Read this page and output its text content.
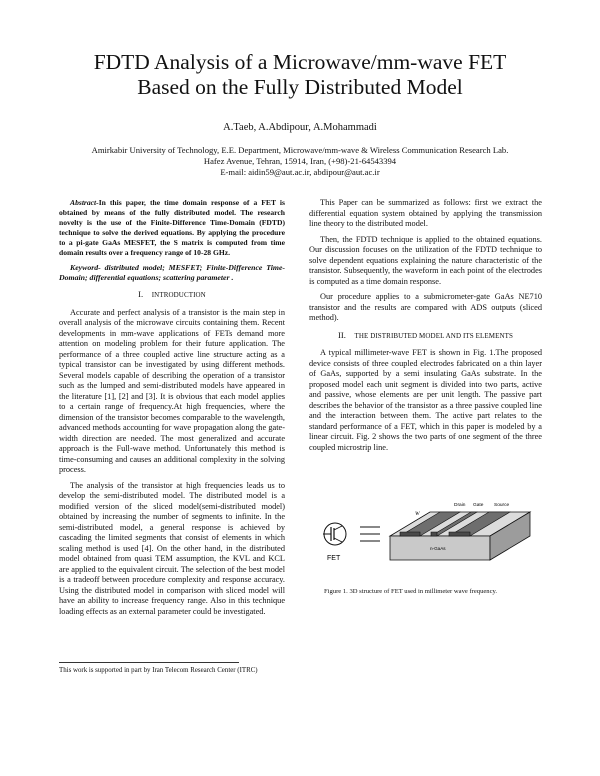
FDTD Analysis of a Microwave/mm-wave FET
Based on the Fully Distributed Model
A.Taeb, A.Abdipour, A.Mohammadi
Amirkabir University of Technology, E.E. Department, Microwave/mm-wave & Wireless Communication Research Lab.
Hafez Avenue, Tehran, 15914, Iran, (+98)-21-64543394
E-mail: aidin59@aut.ac.ir, abdipour@aut.ac.ir

Abstract-In this paper, the time domain response of a FET is obtained by means of the fully distributed model. The research novelty is the use of the Finite-Difference Time-Domain (FDTD) technique to solve the derived equations. By applying the procedure to a pi-gate GaAs MESFET, the S matrix is computed from time domain results over a frequency range of 10-28 GHz.

Keyword- distributed model; MESFET; Finite-Difference Time-Domain; differential equations; scattering parameter .

I. INTRODUCTION

Accurate and perfect analysis of a transistor is the main step in overall analysis of the microwave circuits containing them. Recent developments in mm-wave applications of FETs demand more attention on modeling problem for their future application. The performance of a three coupled active line structure acting as a typical transistor can be investigated by using different methods. Several models capable of describing the operation of a transistor such as the lumped and semi-distributed models have appeared in the literature [1], [2] and [3]. It is obvious that each model applies to a certain range of frequency.At high frequencies, where the dimension of the transistor becomes comparable to the wavelength, advanced methods accounting for wave propagation along the gate-width direction are needed. The most generalized and accurate approach is the Full-wave method. Unfortunately this method is time-consuming and causes an additional complexity in the solving process.

The analysis of the transistor at high frequencies leads us to develop the semi-distributed model. The distributed model is a modified version of the sliced model(semi-distributed model) obtained by increasing the number of segments to infinite. In the semi-distributed model, a general response is achieved by cascading the limited segments that consist of elements in which scaling method is used [4]. On the other hand, in the distributed model obtained from quasi TEM assumption, the KVL and KCL are applied to the equivalent circuit. The selection of the best model is a tradeoff between procedure complexity and response accuracy. Using the distributed model in comparison with sliced model will have an ability to increase frequency range. Also in this technique loading effects as an external parameter could be investigated.

This Paper can be summarized as follows: first we extract the differential equation system obtained by applying the transmission line theory to the distributed model.

Then, the FDTD technique is applied to the obtained equations. Our discussion focuses on the utilization of the FDTD technique to solve dependent equations explaining the nature characteristic of the transistor. Subsequently, the waveform in each point of the electrodes is computed as a time domain response.

Our procedure applies to a submicrometer-gate GaAs NE710 transistor and the results are compared with ADS outputs (sliced method).

II. THE DISTRIBUTED MODEL AND ITS ELEMENTS

A typical millimeter-wave FET is shown in Fig. 1.The proposed device consists of three coupled electrodes fabricated on a thin layer of GaAs, supported by a semi insulating GaAs substrate. In the proposed model each unit segment is divided into two parts, active and passive, whose elements are per unit length. The passive part describes the behavior of the transistor as a three passive coupled line and the interaction between them. The active part relates to the standard performance of a FET, which in this paper is modeled by a linear circuit. Fig. 2 shows the two parts of one segment of the three coupled microstrip line.

FET
Drain Gate Source
W
n-GaAs
Figure 1. 3D structure of FET used in millimeter wave frequency.
This work is supported in part by Iran Telecom Research Center (ITRC)
